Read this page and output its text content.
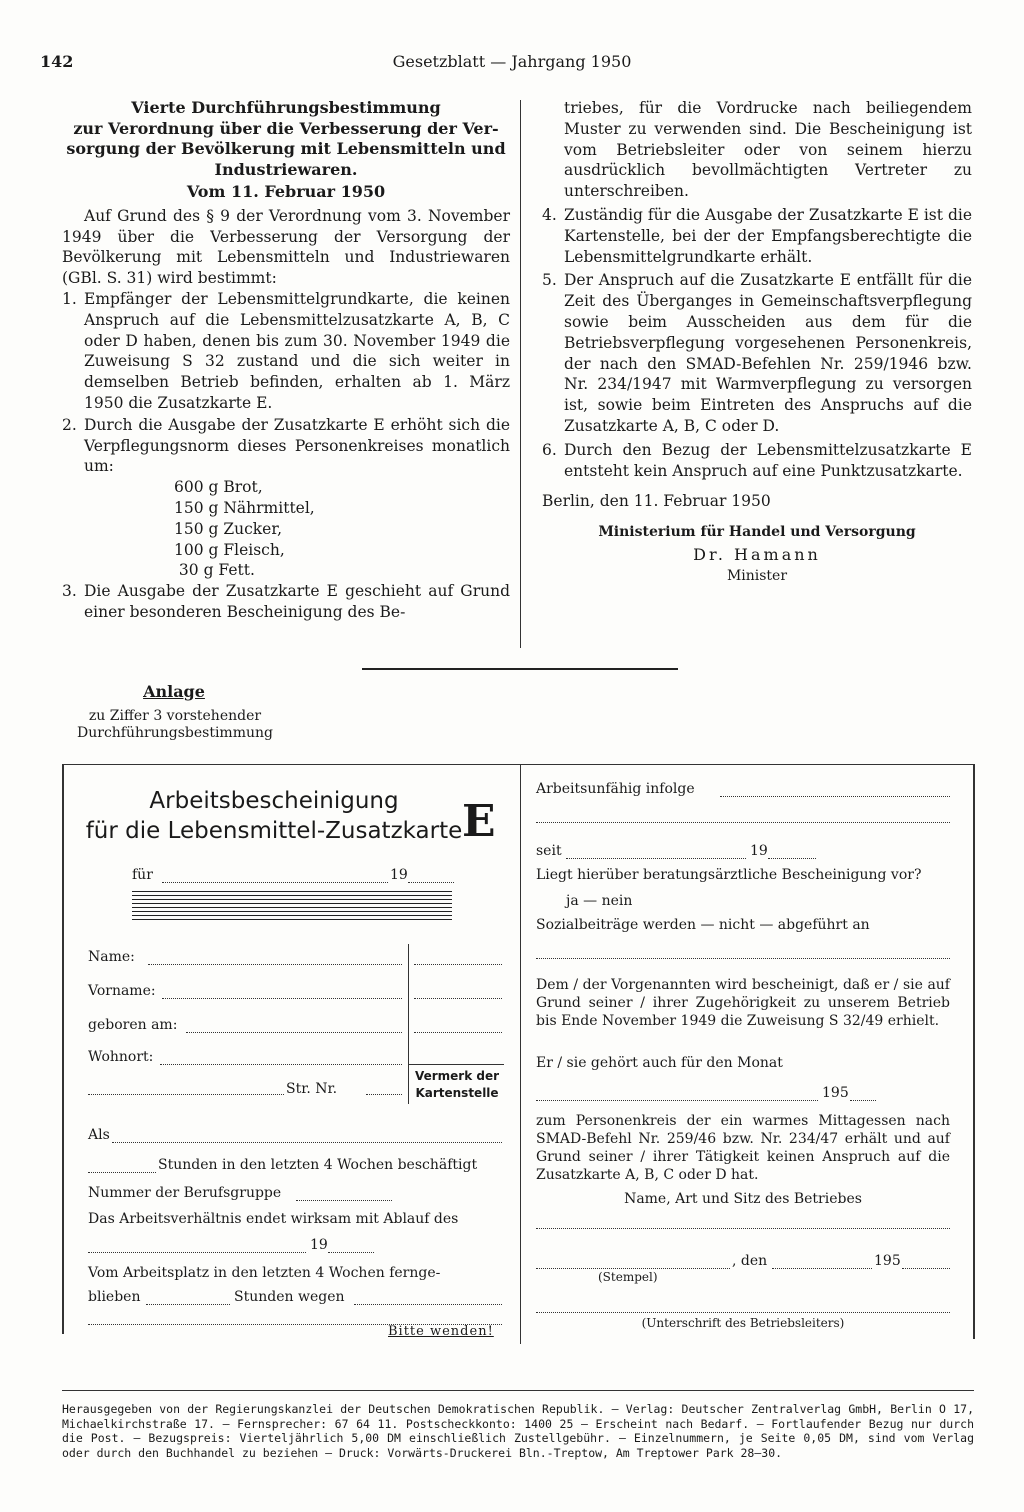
142	Gesetzblatt — Jahrgang 1950
Vierte Durchführungsbestimmung
zur Verordnung über die Verbesserung der Ver-
sorgung der Bevölkerung mit Lebensmitteln und
Industriewaren.
Vom 11. Februar 1950

Auf Grund des § 9 der Verordnung vom 3. November 1949 über die Verbesserung der Versorgung der Bevölkerung mit Lebensmitteln und Industriewaren (GBl. S. 31) wird bestimmt:

1. Empfänger der Lebensmittelgrundkarte, die keinen Anspruch auf die Lebensmittelzusatzkarte A, B, C oder D haben, denen bis zum 30. November 1949 die Zuweisung S 32 zustand und die sich weiter in demselben Betrieb befinden, erhalten ab 1. März 1950 die Zusatzkarte E.
2. Durch die Ausgabe der Zusatzkarte E erhöht sich die Verpflegungsnorm dieses Personenkreises monatlich um:
600 g Brot,
150 g Nährmittel,
150 g Zucker,
100 g Fleisch,
30 g Fett.
3. Die Ausgabe der Zusatzkarte E geschieht auf Grund einer besonderen Bescheinigung des Be-

triebes, für die Vordrucke nach beiliegendem Muster zu verwenden sind. Die Bescheinigung ist vom Betriebsleiter oder von seinem hierzu ausdrücklich bevollmächtigten Vertreter zu unterschreiben.

4. Zuständig für die Ausgabe der Zusatzkarte E ist die Kartenstelle, bei der der Empfangsberechtigte die Lebensmittelgrundkarte erhält.
5. Der Anspruch auf die Zusatzkarte E entfällt für die Zeit des Überganges in Gemeinschaftsverpflegung sowie beim Ausscheiden aus dem für die Betriebsverpflegung vorgesehenen Personenkreis, der nach den SMAD-Befehlen Nr. 259/1946 bzw. Nr. 234/1947 mit Warmverpflegung zu versorgen ist, sowie beim Eintreten des Anspruchs auf die Zusatzkarte A, B, C oder D.
6. Durch den Bezug der Lebensmittelzusatzkarte E entsteht kein Anspruch auf eine Punktzusatzkarte.
Berlin, den 11. Februar 1950
Ministerium für Handel und Versorgung
Dr. Hamann
Minister
Anlage
zu Ziffer 3 vorstehender Durchführungsbestimmung
Arbeitsbescheinigung
für die Lebensmittel-Zusatzkarte E
für	19
Name:
Vorname:
geboren am:
Wohnort:
Str. Nr.
Vermerk der Kartenstelle
Als
Stunden in den letzten 4 Wochen beschäftigt
Nummer der Berufsgruppe
Das Arbeitsverhältnis endet wirksam mit Ablauf des
19
Vom Arbeitsplatz in den letzten 4 Wochen fernge-
blieben	Stunden wegen
Bitte wenden!
Arbeitsunfähig infolge
seit	19
Liegt hierüber beratungsärztliche Bescheinigung vor?
ja — nein
Sozialbeiträge werden — nicht — abgeführt an
Dem / der Vorgenannten wird bescheinigt, daß er / sie auf Grund seiner / ihrer Zugehörigkeit zu unserem Betrieb bis Ende November 1949 die Zuweisung S 32/49 erhielt.
Er / sie gehört auch für den Monat
195
zum Personenkreis der ein warmes Mittagessen nach SMAD-Befehl Nr. 259/46 bzw. Nr. 234/47 erhält und auf Grund seiner / ihrer Tätigkeit keinen Anspruch auf die Zusatzkarte A, B, C oder D hat.
Name, Art und Sitz des Betriebes
, den	195
(Stempel)
(Unterschrift des Betriebsleiters)
Herausgegeben von der Regierungskanzlei der Deutschen Demokratischen Republik. — Verlag: Deutscher Zentralverlag GmbH, Berlin O 17, Michaelkirchstraße 17. — Fernsprecher: 67 64 11. Postscheckkonto: 1400 25 — Erscheint nach Bedarf. — Fortlaufender Bezug nur durch die Post. — Bezugspreis: Vierteljährlich 5,00 DM einschließlich Zustellgebühr. — Einzelnummern, je Seite 0,05 DM, sind vom Verlag oder durch den Buchhandel zu beziehen — Druck: Vorwärts-Druckerei Bln.-Treptow, Am Treptower Park 28—30.
